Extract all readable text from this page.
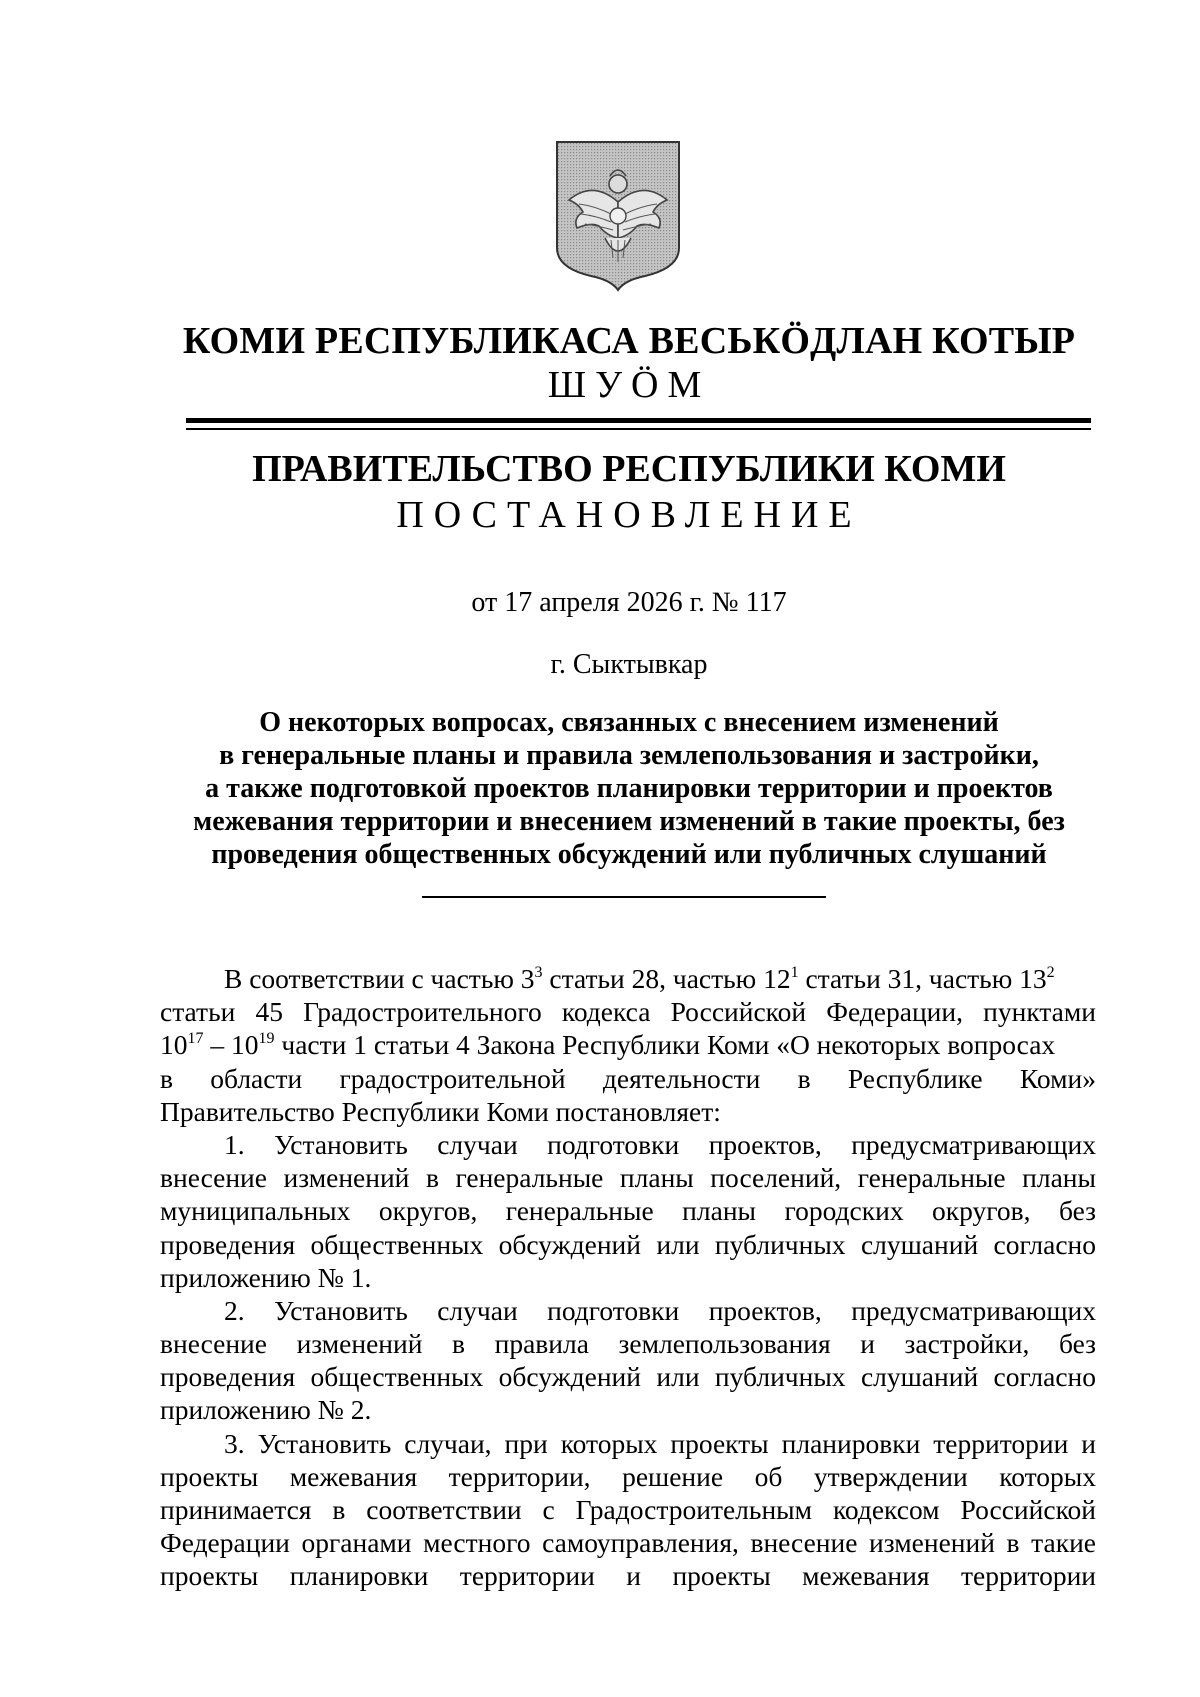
КОМИ РЕСПУБЛИКАСА ВЕСЬКӦДЛАН КОТЫР
ШУӦМ
ПРАВИТЕЛЬСТВО РЕСПУБЛИКИ КОМИ
ПОСТАНОВЛЕНИЕ
от 17 апреля 2026 г. № 117
г. Сыктывкар
О некоторых вопросах, связанных с внесением изменений
в генеральные планы и правила землепользования и застройки,
а также подготовкой проектов планировки территории и проектов
межевания территории и внесением изменений в такие проекты, без
проведения общественных обсуждений или публичных слушаний
В соответствии с частью $3^3$ статьи 28, частью $12^1$ статьи 31, частью $13^2$
статьи 45 Градостроительного кодекса Российской Федерации, пунктами
$10^{17} - 10^{19}$ части 1 статьи 4 Закона Республики Коми «О некоторых вопросах
в области градостроительной деятельности в Республике Коми»
Правительство Республики Коми постановляет:
1. Установить случаи подготовки проектов, предусматривающих
внесение изменений в генеральные планы поселений, генеральные планы
муниципальных округов, генеральные планы городских округов, без
проведения общественных обсуждений или публичных слушаний согласно
приложению № 1.
2. Установить случаи подготовки проектов, предусматривающих
внесение изменений в правила землепользования и застройки, без
проведения общественных обсуждений или публичных слушаний согласно
приложению № 2.
3. Установить случаи, при которых проекты планировки территории и
проекты межевания территории, решение об утверждении которых
принимается в соответствии с Градостроительным кодексом Российской
Федерации органами местного самоуправления, внесение изменений в такие
проекты планировки территории и проекты межевания территории
